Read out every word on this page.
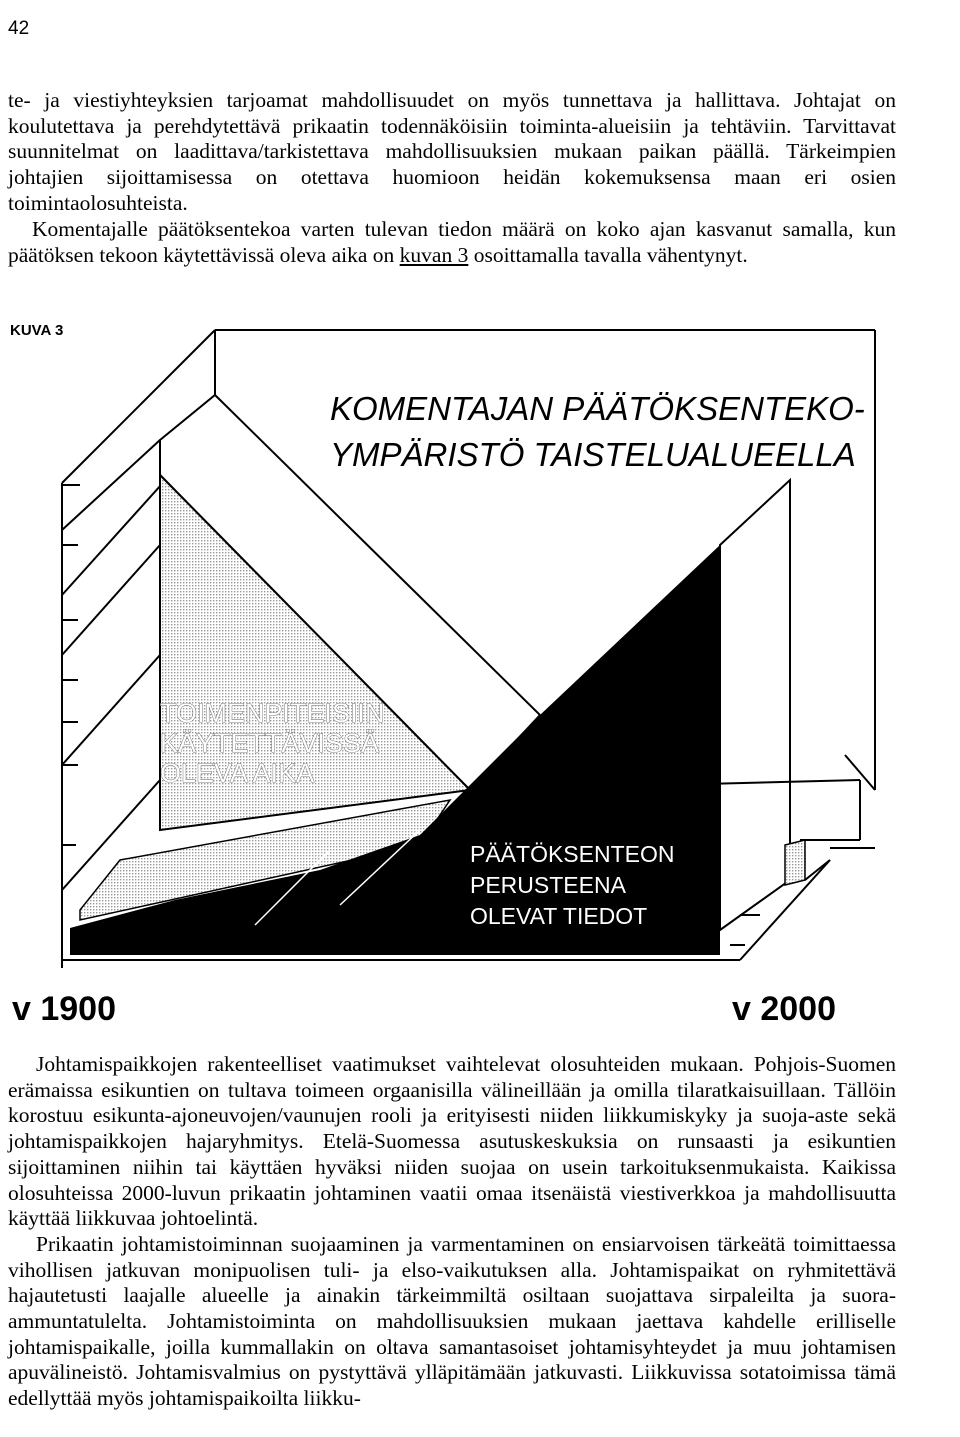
42

te- ja viestiyhteyksien tarjoamat mahdollisuudet on myös tunnettava ja hallittava. Johtajat on koulutettava ja perehdytettävä prikaatin todennäköisiin toiminta-alueisiin ja tehtäviin. Tarvittavat suunnitelmat on laadittava/tarkistettava mahdollisuuksien mukaan paikan päällä. Tärkeimpien johtajien sijoittamisessa on otettava huomioon heidän kokemuksensa maan eri osien toimintaolosuhteista.

Komentajalle päätöksentekoa varten tulevan tiedon määrä on koko ajan kasvanut samalla, kun päätöksen tekoon käytettävissä oleva aika on kuvan 3 osoittamalla tavalla vähentynyt.

KUVA 3
KOMENTAJAN PÄÄTÖKSENTEKO-
YMPÄRISTÖ TAISTELUALUEELLA
TOIMENPITEISIIN
KÄYTETTÄVISSÄ
OLEVA AIKA
PÄÄTÖKSENTEON
PERUSTEENA
OLEVAT TIEDOT
v 1900	v 2000

Johtamispaikkojen rakenteelliset vaatimukset vaihtelevat olosuhteiden mukaan. Pohjois-Suomen erämaissa esikuntien on tultava toimeen orgaanisilla välineillään ja omilla tilaratkaisuillaan. Tällöin korostuu esikunta-ajoneuvojen/vaunujen rooli ja erityisesti niiden liikkumiskyky ja suoja-aste sekä johtamispaikkojen hajaryhmitys. Etelä-Suomessa asutuskeskuksia on runsaasti ja esikuntien sijoittaminen niihin tai käyttäen hyväksi niiden suojaa on usein tarkoituksenmukaista. Kaikissa olosuhteissa 2000-luvun prikaatin johtaminen vaatii omaa itsenäistä viestiverkkoa ja mahdollisuutta käyttää liikkuvaa johtoelintä.

Prikaatin johtamistoiminnan suojaaminen ja varmentaminen on ensiarvoisen tärkeätä toimittaessa vihollisen jatkuvan monipuolisen tuli- ja elso-vaikutuksen alla. Johtamispaikat on ryhmitettävä hajautetusti laajalle alueelle ja ainakin tärkeimmiltä osiltaan suojattava sirpaleilta ja suora-ammuntatulelta. Johtamistoiminta on mahdollisuuksien mukaan jaettava kahdelle erilliselle johtamispaikalle, joilla kummallakin on oltava samantasoiset johtamisyhteydet ja muu johtamisen apuvälineistö. Johtamisvalmius on pystyttävä ylläpitämään jatkuvasti. Liikkuvissa sotatoimissa tämä edellyttää myös johtamispaikoilta liikku-
